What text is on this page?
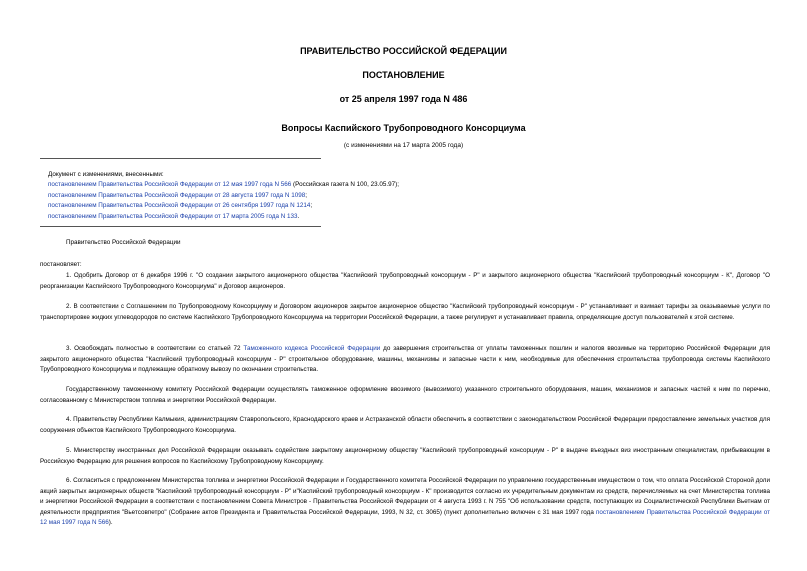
ПРАВИТЕЛЬСТВО РОССИЙСКОЙ ФЕДЕРАЦИИ
ПОСТАНОВЛЕНИЕ
от 25 апреля 1997 года N 486
Вопросы Каспийского Трубопроводного Консорциума
(с изменениями на 17 марта 2005 года)
Документ с изменениями, внесенными:
постановлением Правительства Российской Федерации от 12 мая 1997 года N 566 (Российская газета N 100, 23.05.97);
постановлением Правительства Российской Федерации от 28 августа 1997 года N 1098;
постановлением Правительства Российской Федерации от 26 сентября 1997 года N 1214;
постановлением Правительства Российской Федерации от 17 марта 2005 года N 133.
Правительство Российской Федерации
постановляет:
1. Одобрить Договор от 6 декабря 1996 г. "О создании закрытого акционерного общества "Каспийский трубопроводный консорциум - Р" и закрытого акционерного общества "Каспийский трубопроводный консорциум - К", Договор "О реорганизации Каспийского Трубопроводного Консорциума" и Договор акционеров.
2. В соответствии с Соглашением по Трубопроводному Консорциуму и Договором акционеров закрытое акционерное общество "Каспийский трубопроводный консорциум - Р" устанавливает и взимает тарифы за оказываемые услуги по транспортировке жидких углеводородов по системе Каспийского Трубопроводного Консорциума на территории Российской Федерации, а также регулирует и устанавливает правила, определяющие доступ пользователей к этой системе.
3. Освобождать полностью в соответствии со статьей 72 Таможенного кодекса Российской Федерации до завершения строительства от уплаты таможенных пошлин и налогов ввозимые на территорию Российской Федерации для закрытого акционерного общества "Каспийский трубопроводный консорциум - Р" строительное оборудование, машины, механизмы и запасные части к ним, необходимые для обеспечения строительства трубопровода системы Каспийского Трубопроводного Консорциума и подлежащие обратному вывозу по окончании строительства.
Государственному таможенному комитету Российской Федерации осуществлять таможенное оформление ввозимого (вывозимого) указанного строительного оборудования, машин, механизмов и запасных частей к ним по перечню, согласованному с Министерством топлива и энергетики Российской Федерации.
4. Правительству Республики Калмыкия, администрациям Ставропольского, Краснодарского краев и Астраханской области обеспечить в соответствии с законодательством Российской Федерации предоставление земельных участков для сооружения объектов Каспийского Трубопроводного Консорциума.
5. Министерству иностранных дел Российской Федерации оказывать содействие закрытому акционерному обществу "Каспийский трубопроводный консорциум - Р" в выдаче въездных виз иностранным специалистам, прибывающим в Российскую Федерацию для решения вопросов по Каспийскому Трубопроводному Консорциуму.
6. Согласиться с предложением Министерства топлива и энергетики Российской Федерации и Государственного комитета Российской Федерации по управлению государственным имуществом о том, что оплата Российской Стороной доли акций закрытых акционерных обществ "Каспийский трубопроводный консорциум - Р" и"Каспийский трубопроводный консорциум - К" производится согласно их учредительным документам из средств, перечисляемых на счет Министерства топлива и энергетики Российской Федерации в соответствии с постановлением Совета Министров - Правительства Российской Федерации от 4 августа 1993 г. N 755 "Об использовании средств, поступающих из Социалистической Республики Вьетнам от деятельности предприятия "Вьетсовпетро" (Собрание актов Президента и Правительства Российской Федерации, 1993, N 32, ст. 3065) (пункт дополнительно включен с 31 мая 1997 года постановлением Правительства Российской Федерации от 12 мая 1997 года N 566).
